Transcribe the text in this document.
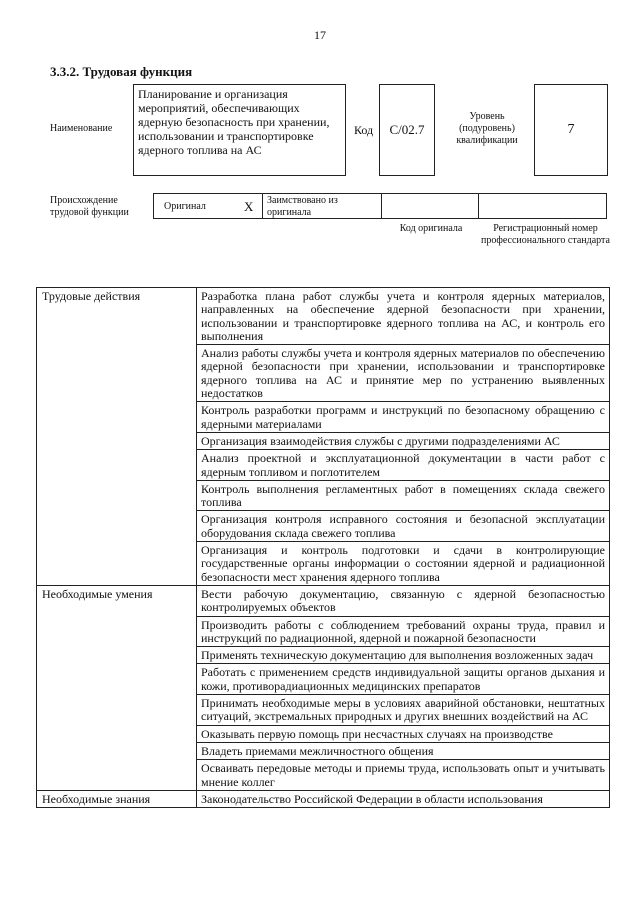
17
3.3.2. Трудовая функция
Наименование
Планирование и организация мероприятий, обеспечивающих ядерную безопасность при хранении, использовании и транспортировке ядерного топлива на АС
Код С/02.7
Уровень (подуровень) квалификации
7
Происхождение трудовой функции
Оригинал	X Заимствовано из оригинала
Код оригинала	Регистрационный номер профессионального стандарта
Трудовые действия	Разработка плана работ службы учета и контроля ядерных материалов, направленных на обеспечение ядерной безопасности при хранении, использовании и транспортировке ядерного топлива на АС, и контроль его выполнения
	Анализ работы службы учета и контроля ядерных материалов по обеспечению ядерной безопасности при хранении, использовании и транспортировке ядерного топлива на АС и принятие мер по устранению выявленных недостатков
	Контроль разработки программ и инструкций по безопасному обращению с ядерными материалами
	Организация взаимодействия службы с другими подразделениями АС
	Анализ проектной и эксплуатационной документации в части работ с ядерным топливом и поглотителем
	Контроль выполнения регламентных работ в помещениях склада свежего топлива
	Организация контроля исправного состояния и безопасной эксплуатации оборудования склада свежего топлива
	Организация и контроль подготовки и сдачи в контролирующие государственные органы информации о состоянии ядерной и радиационной безопасности мест хранения ядерного топлива
Необходимые умения	Вести рабочую документацию, связанную с ядерной безопасностью контролируемых объектов
	Производить работы с соблюдением требований охраны труда, правил и инструкций по радиационной, ядерной и пожарной безопасности
	Применять техническую документацию для выполнения возложенных задач
	Работать с применением средств индивидуальной защиты органов дыхания и кожи, противорадиационных медицинских препаратов
	Принимать необходимые меры в условиях аварийной обстановки, нештатных ситуаций, экстремальных природных и других внешних воздействий на АС
	Оказывать первую помощь при несчастных случаях на производстве
	Владеть приемами межличностного общения
	Осваивать передовые методы и приемы труда, использовать опыт и учитывать мнение коллег
Необходимые знания	Законодательство Российской Федерации в области использования
